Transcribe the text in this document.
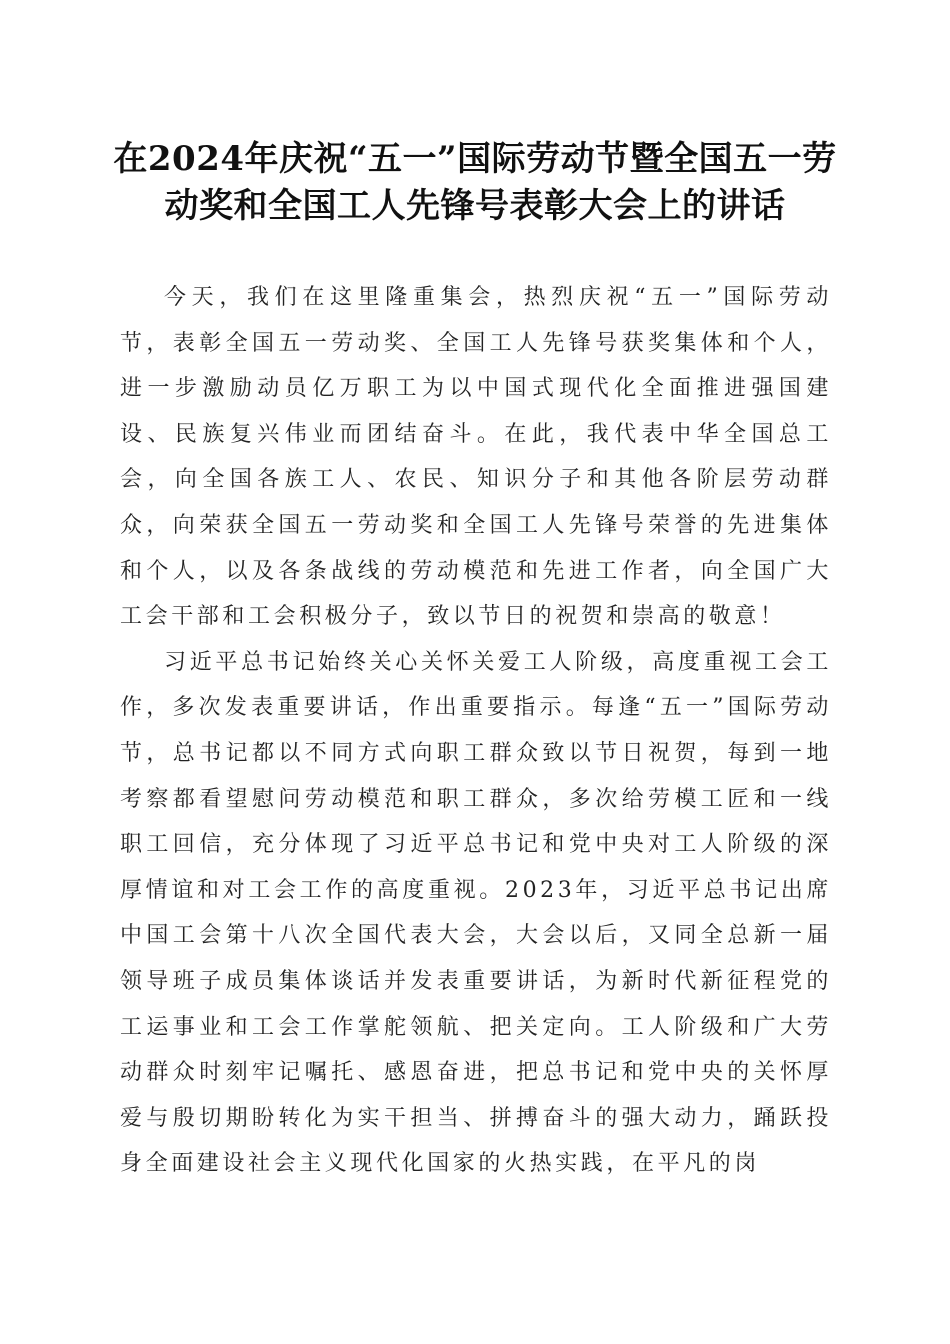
在2024年庆祝“五一”国际劳动节暨全国五一劳动奖和全国工人先锋号表彰大会上的讲话

今天，我们在这里隆重集会，热烈庆祝“五一”国际劳动节，表彰全国五一劳动奖、全国工人先锋号获奖集体和个人，进一步激励动员亿万职工为以中国式现代化全面推进强国建设、民族复兴伟业而团结奋斗。在此，我代表中华全国总工会，向全国各族工人、农民、知识分子和其他各阶层劳动群众，向荣获全国五一劳动奖和全国工人先锋号荣誉的先进集体和个人，以及各条战线的劳动模范和先进工作者，向全国广大工会干部和工会积极分子，致以节日的祝贺和崇高的敬意！

习近平总书记始终关心关怀关爱工人阶级，高度重视工会工作，多次发表重要讲话，作出重要指示。每逢“五一”国际劳动节，总书记都以不同方式向职工群众致以节日祝贺，每到一地考察都看望慰问劳动模范和职工群众，多次给劳模工匠和一线职工回信，充分体现了习近平总书记和党中央对工人阶级的深厚情谊和对工会工作的高度重视。2023年，习近平总书记出席中国工会第十八次全国代表大会，大会以后，又同全总新一届领导班子成员集体谈话并发表重要讲话，为新时代新征程党的工运事业和工会工作掌舵领航、把关定向。工人阶级和广大劳动群众时刻牢记嘱托、感恩奋进，把总书记和党中央的关怀厚爱与殷切期盼转化为实干担当、拼搏奋斗的强大动力，踊跃投身全面建设社会主义现代化国家的火热实践，在平凡的岗
